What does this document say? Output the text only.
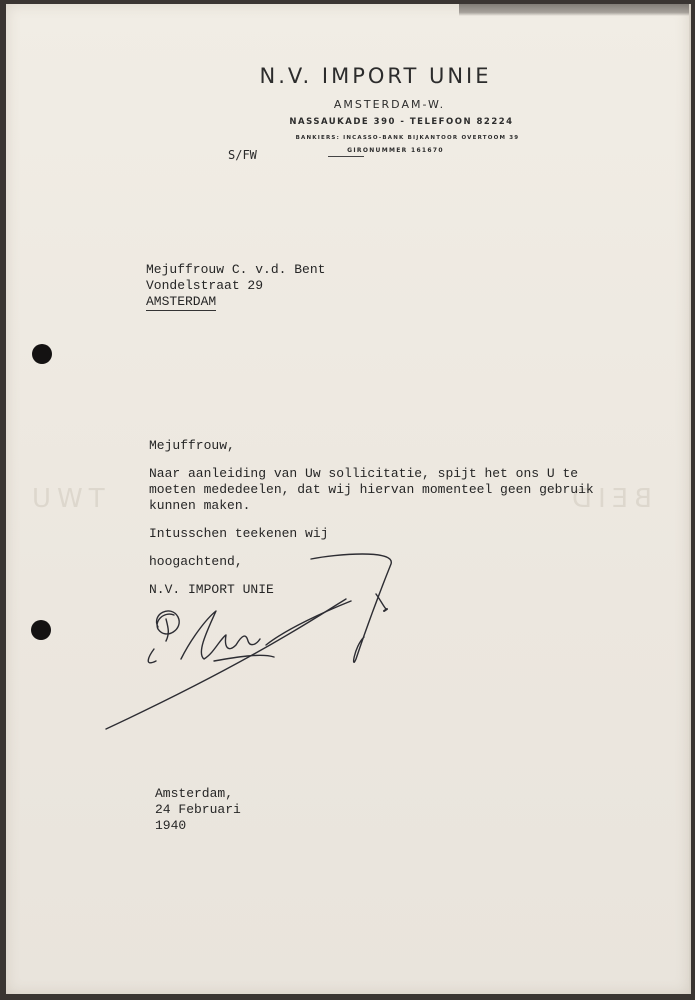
TWU	BEID
N.V. IMPORT UNIE
AMSTERDAM-W.
NASSAUKADE 390 - TELEFOON 82224
BANKIERS: INCASSO-BANK BIJKANTOOR OVERTOOM 39
GIRONUMMER 161670
S/FW
Mejuffrouw C. v.d. Bent
Vondelstraat 29
AMSTERDAM
Mejuffrouw,
Naar aanleiding van Uw sollicitatie, spijt het ons U te
moeten mededeelen, dat wij hiervan momenteel geen gebruik
kunnen maken.
Intusschen teekenen wij
hoogachtend,
N.V. IMPORT UNIE
Amsterdam,
24 Februari
1940
